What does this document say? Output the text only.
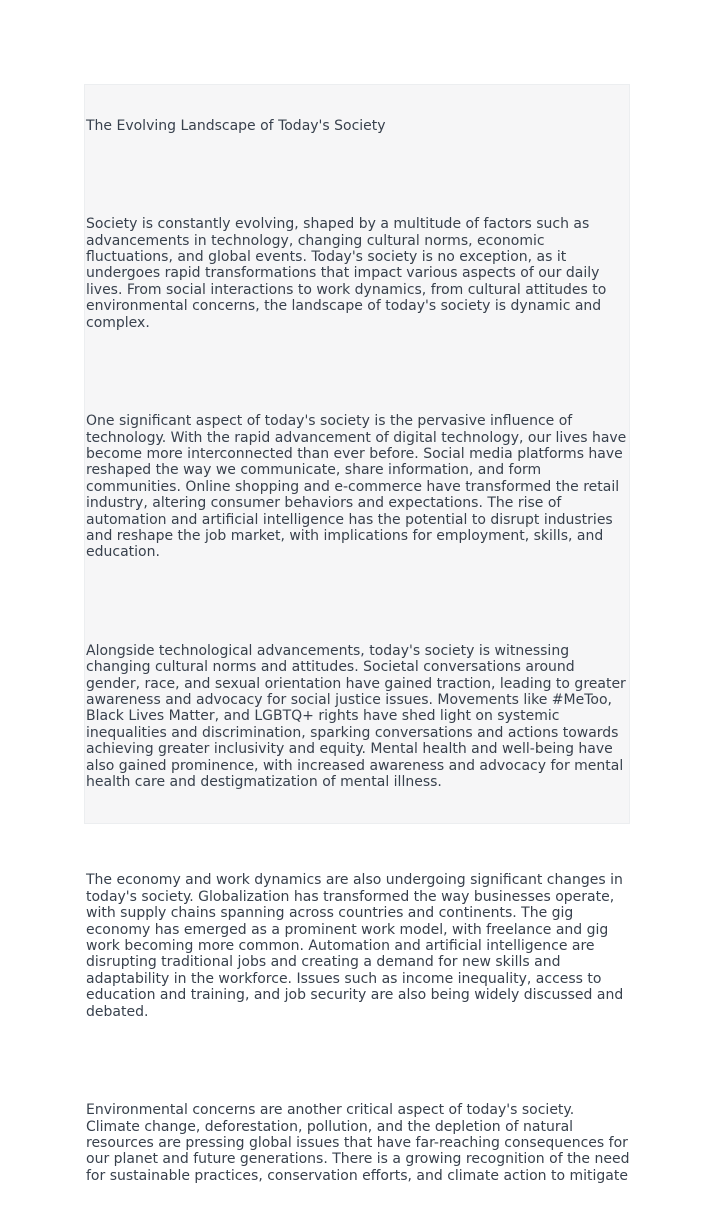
The Evolving Landscape of Today's Society

Society is constantly evolving, shaped by a multitude of factors such as
advancements in technology, changing cultural norms, economic
fluctuations, and global events. Today's society is no exception, as it
undergoes rapid transformations that impact various aspects of our daily
lives. From social interactions to work dynamics, from cultural attitudes to
environmental concerns, the landscape of today's society is dynamic and
complex.

One significant aspect of today's society is the pervasive influence of
technology. With the rapid advancement of digital technology, our lives have
become more interconnected than ever before. Social media platforms have
reshaped the way we communicate, share information, and form
communities. Online shopping and e-commerce have transformed the retail
industry, altering consumer behaviors and expectations. The rise of
automation and artificial intelligence has the potential to disrupt industries
and reshape the job market, with implications for employment, skills, and
education.

Alongside technological advancements, today's society is witnessing
changing cultural norms and attitudes. Societal conversations around
gender, race, and sexual orientation have gained traction, leading to greater
awareness and advocacy for social justice issues. Movements like #MeToo,
Black Lives Matter, and LGBTQ+ rights have shed light on systemic
inequalities and discrimination, sparking conversations and actions towards
achieving greater inclusivity and equity. Mental health and well-being have
also gained prominence, with increased awareness and advocacy for mental
health care and destigmatization of mental illness.

The economy and work dynamics are also undergoing significant changes in
today's society. Globalization has transformed the way businesses operate,
with supply chains spanning across countries and continents. The gig
economy has emerged as a prominent work model, with freelance and gig
work becoming more common. Automation and artificial intelligence are
disrupting traditional jobs and creating a demand for new skills and
adaptability in the workforce. Issues such as income inequality, access to
education and training, and job security are also being widely discussed and
debated.

Environmental concerns are another critical aspect of today's society.
Climate change, deforestation, pollution, and the depletion of natural
resources are pressing global issues that have far-reaching consequences for
our planet and future generations. There is a growing recognition of the need
for sustainable practices, conservation efforts, and climate action to mitigate
